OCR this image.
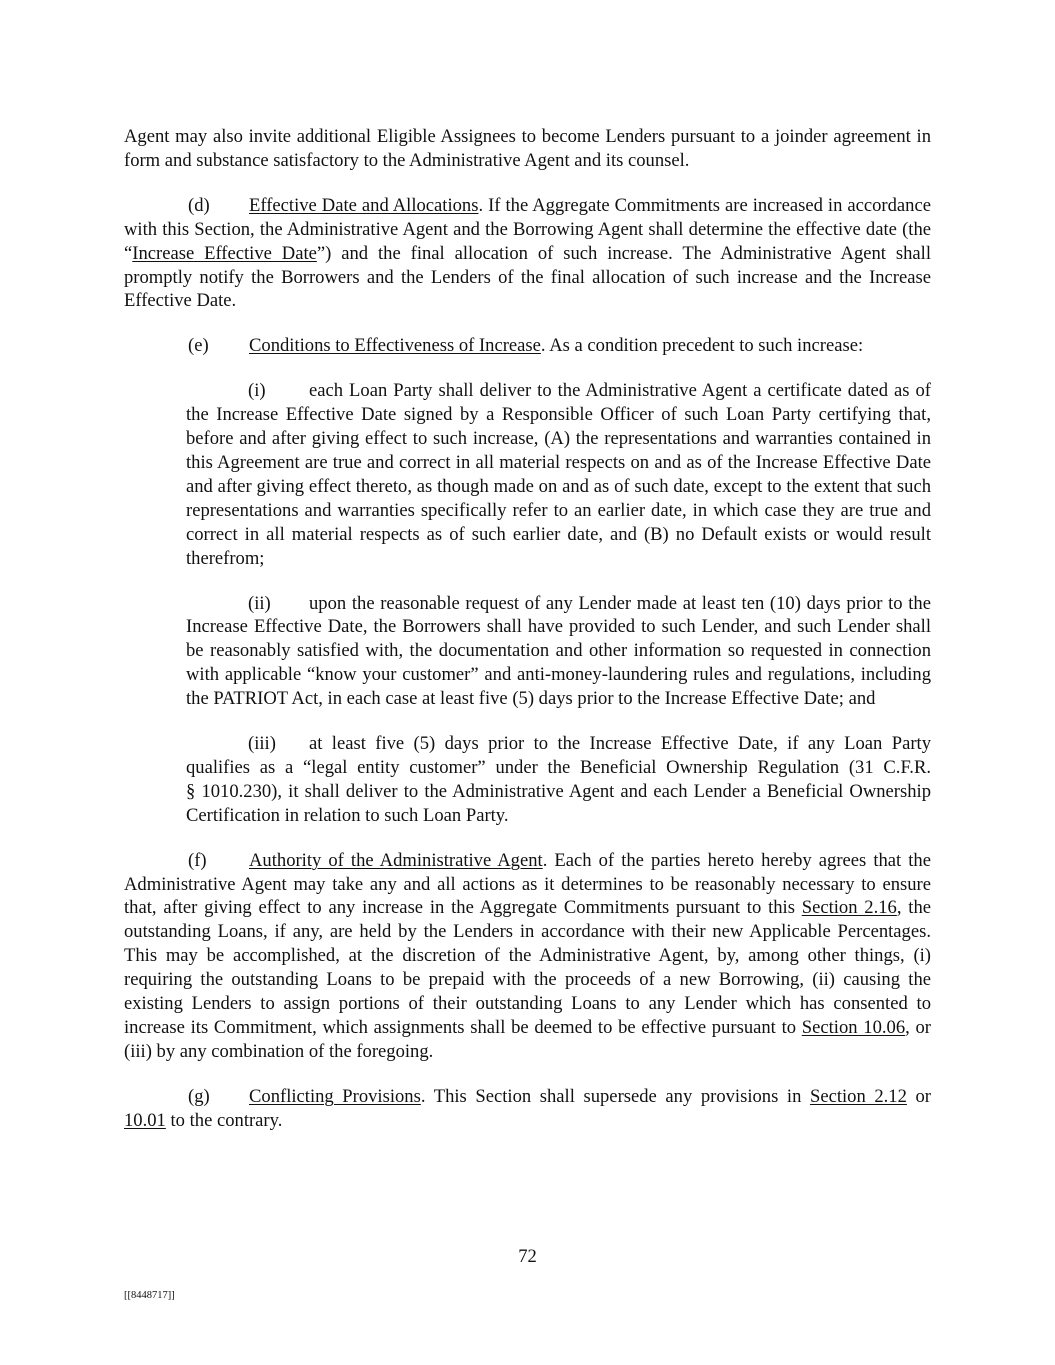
Agent may also invite additional Eligible Assignees to become Lenders pursuant to a joinder agreement in form and substance satisfactory to the Administrative Agent and its counsel.

(d) Effective Date and Allocations. If the Aggregate Commitments are increased in accordance with this Section, the Administrative Agent and the Borrowing Agent shall determine the effective date (the “Increase Effective Date”) and the final allocation of such increase. The Administrative Agent shall promptly notify the Borrowers and the Lenders of the final allocation of such increase and the Increase Effective Date.

(e) Conditions to Effectiveness of Increase. As a condition precedent to such increase:

(i) each Loan Party shall deliver to the Administrative Agent a certificate dated as of the Increase Effective Date signed by a Responsible Officer of such Loan Party certifying that, before and after giving effect to such increase, (A) the representations and warranties contained in this Agreement are true and correct in all material respects on and as of the Increase Effective Date and after giving effect thereto, as though made on and as of such date, except to the extent that such representations and warranties specifically refer to an earlier date, in which case they are true and correct in all material respects as of such earlier date, and (B) no Default exists or would result therefrom;

(ii) upon the reasonable request of any Lender made at least ten (10) days prior to the Increase Effective Date, the Borrowers shall have provided to such Lender, and such Lender shall be reasonably satisfied with, the documentation and other information so requested in connection with applicable “know your customer” and anti-money-laundering rules and regulations, including the PATRIOT Act, in each case at least five (5) days prior to the Increase Effective Date; and

(iii) at least five (5) days prior to the Increase Effective Date, if any Loan Party qualifies as a “legal entity customer” under the Beneficial Ownership Regulation (31 C.F.R. § 1010.230), it shall deliver to the Administrative Agent and each Lender a Beneficial Ownership Certification in relation to such Loan Party.

(f) Authority of the Administrative Agent. Each of the parties hereto hereby agrees that the Administrative Agent may take any and all actions as it determines to be reasonably necessary to ensure that, after giving effect to any increase in the Aggregate Commitments pursuant to this Section 2.16, the outstanding Loans, if any, are held by the Lenders in accordance with their new Applicable Percentages. This may be accomplished, at the discretion of the Administrative Agent, by, among other things, (i) requiring the outstanding Loans to be prepaid with the proceeds of a new Borrowing, (ii) causing the existing Lenders to assign portions of their outstanding Loans to any Lender which has consented to increase its Commitment, which assignments shall be deemed to be effective pursuant to Section 10.06, or (iii) by any combination of the foregoing.

(g) Conflicting Provisions. This Section shall supersede any provisions in Section 2.12 or 10.01 to the contrary.

72
[[8448717]]
